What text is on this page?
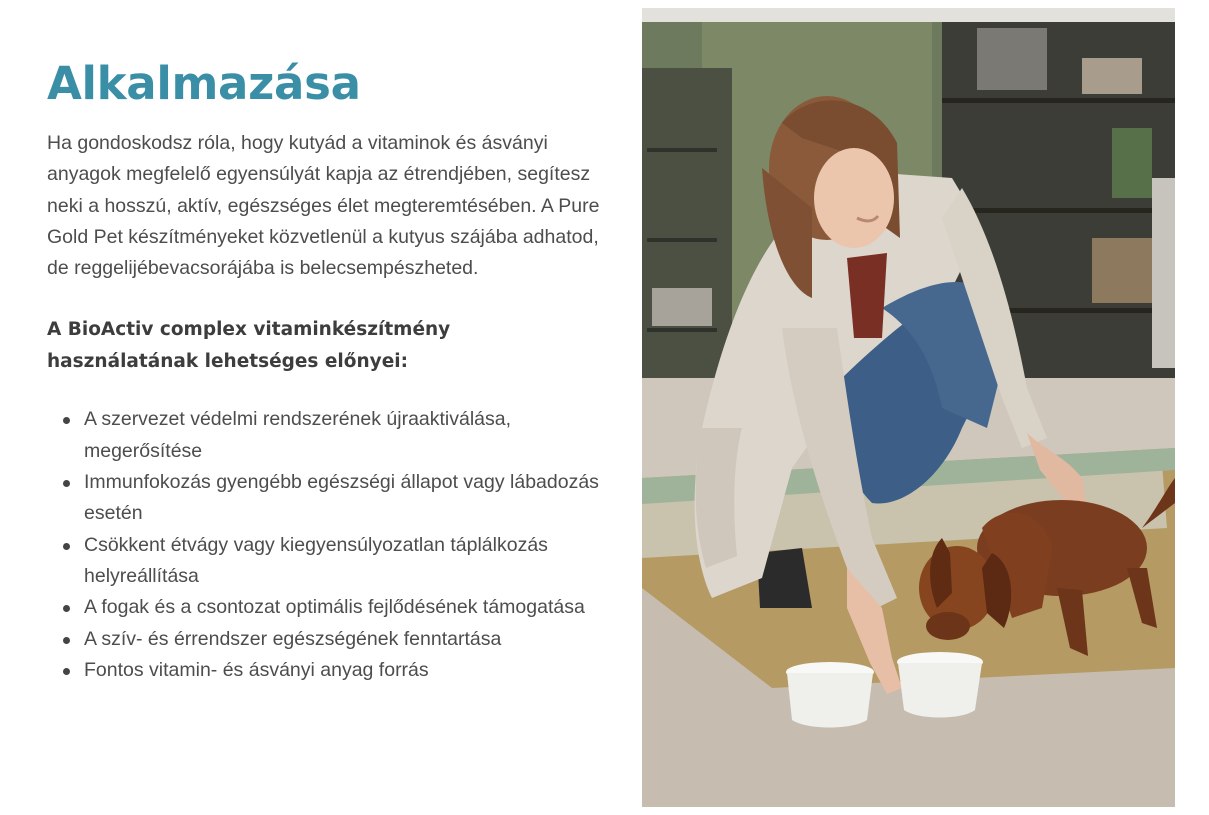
Alkalmazása

Ha gondoskodsz róla, hogy kutyád a vitaminok és ásványi anyagok megfelelő egyensúlyát kapja az étrendjében, segítesz neki a hosszú, aktív, egészséges élet megteremtésében. A Pure Gold Pet készítményeket közvetlenül a kutyus szájába adhatod, de reggelijébevacsorájába is belecsempészheted.

A BioActiv complex vitaminkészítmény használatának lehetséges előnyei:
A szervezet védelmi rendszerének újraaktiválása, megerősítése
Immunfokozás gyengébb egészségi állapot vagy lábadozás esetén
Csökkent étvágy vagy kiegyensúlyozatlan táplálkozás helyreállítása
A fogak és a csontozat optimális fejlődésének támogatása
A szív- és érrendszer egészségének fenntartása
Fontos vitamin- és ásványi anyag forrás
